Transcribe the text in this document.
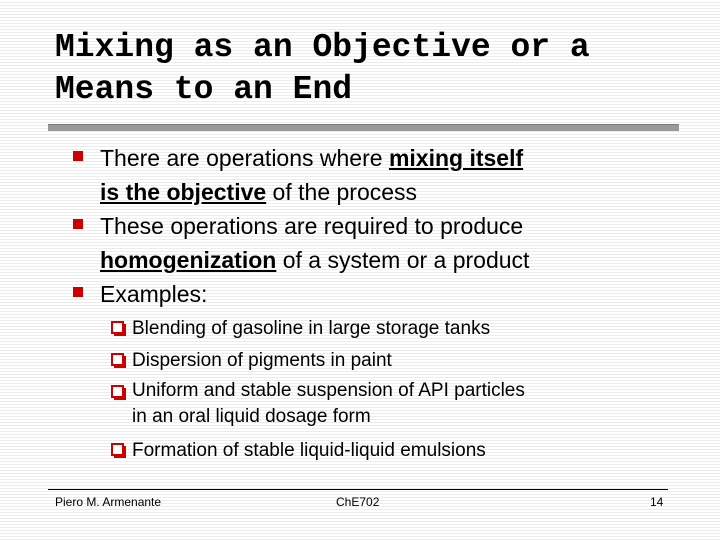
Mixing as an Objective or a
Means to an End
There are operations where mixing itself
is the objective of the process
These operations are required to produce
homogenization of a system or a product
Examples:
Blending of gasoline in large storage tanks
Dispersion of pigments in paint
Uniform and stable suspension of API particles
in an oral liquid dosage form
Formation of stable liquid-liquid emulsions
Piero M. Armenante	ChE702	14
